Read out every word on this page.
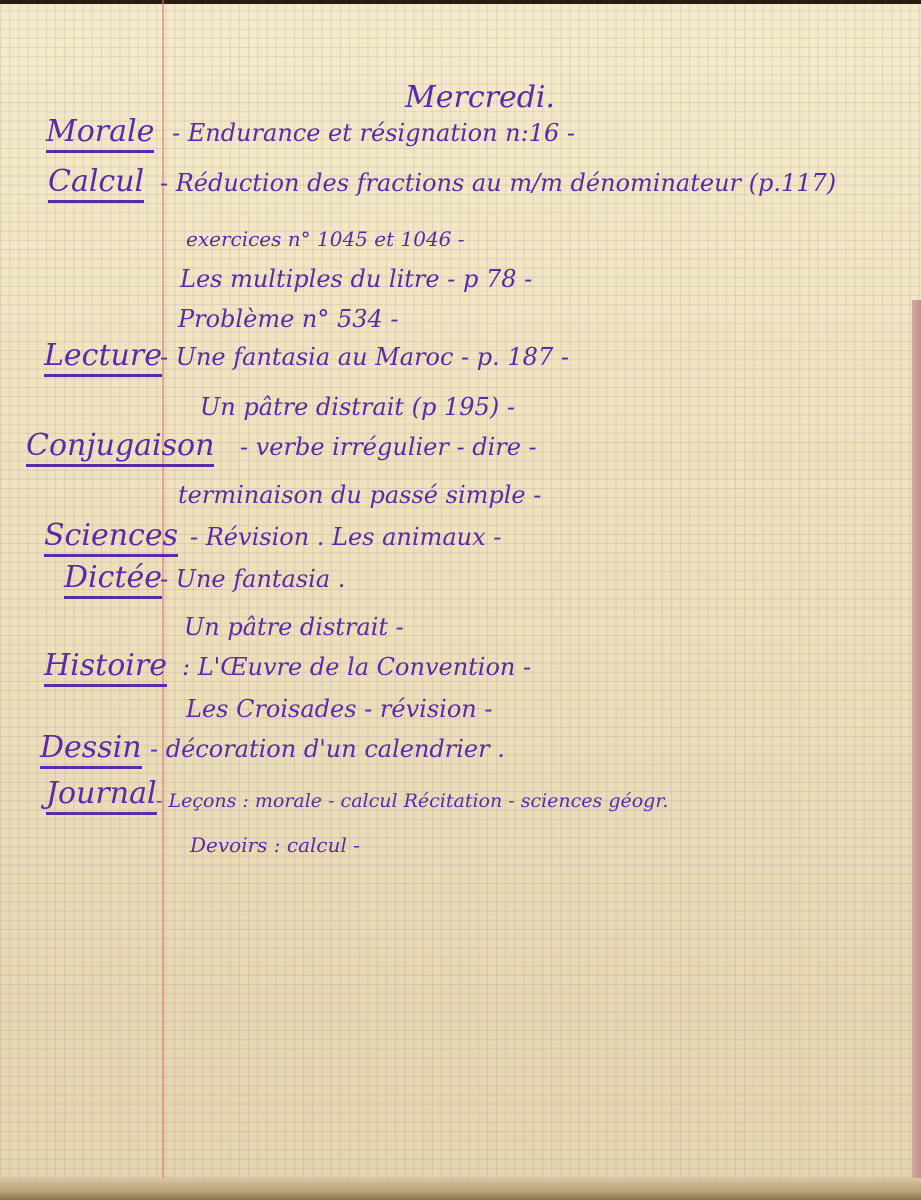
Mercredi.
Morale - Endurance et résignation n:16 -
Calcul - Réduction des fractions au m/m dénominateur (p.117)
exercices n° 1045 et 1046 -
Les multiples du litre - p 78 -
Problème n° 534 -
Lecture
- Une fantasia au Maroc - p. 187 -
Un pâtre distrait (p 195) -
Conjugaison - verbe irrégulier - dire -
terminaison du passé simple -
Sciences - Révision . Les animaux -
Dictée
- Une fantasia .
Un pâtre distrait -
Histoire : L'Œuvre de la Convention -
Les Croisades - révision -
Dessin - décoration d'un calendrier .
Journal - Leçons : morale - calcul Récitation - sciences géogr.
Devoirs : calcul -
